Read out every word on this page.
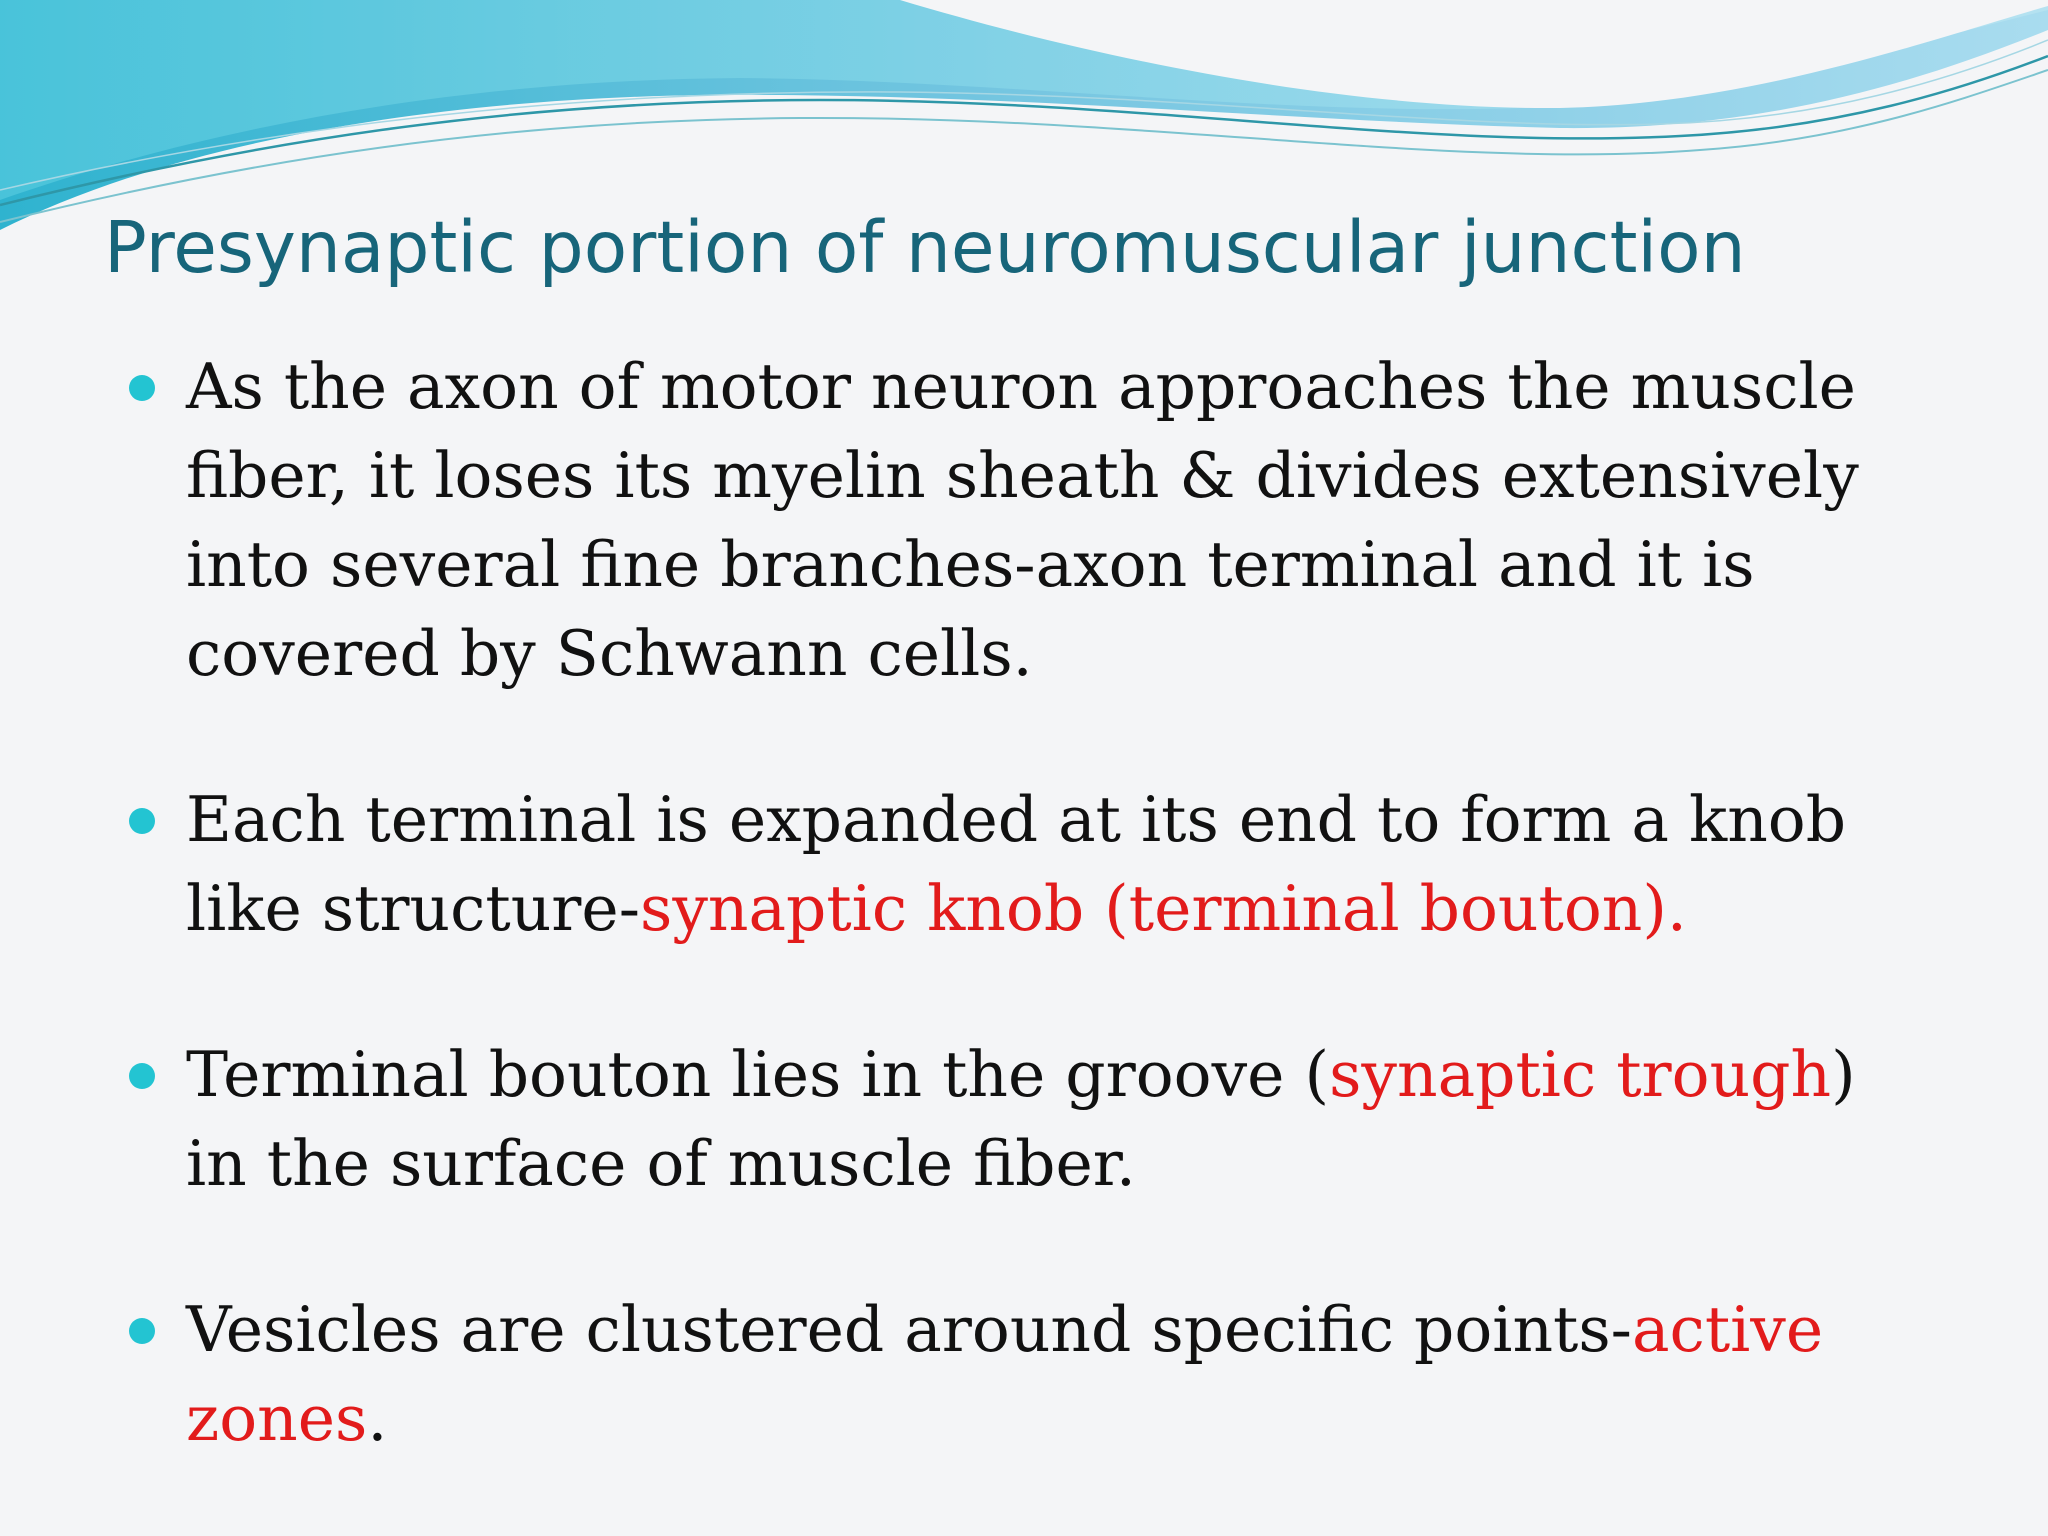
Presynaptic portion of neuromuscular junction
As the axon of motor neuron approaches the muscle fiber, it loses its myelin sheath & divides extensively into several fine branches-axon terminal and it is covered by Schwann cells.
Each terminal is expanded at its end to form a knob like structure-synaptic knob (terminal bouton).
Terminal bouton lies in the groove (synaptic trough) in the surface of muscle fiber.
Vesicles are clustered around specific points-active zones.
